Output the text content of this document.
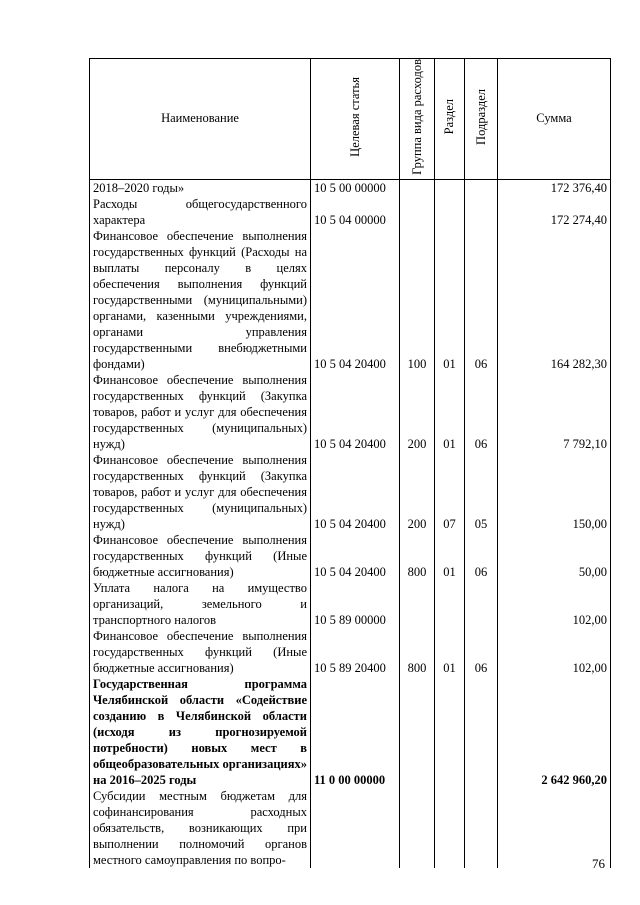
Наименование	Целевая статья	Группа вида расходов	Раздел	Подраздел	Сумма
2018–2020 годы»	10 5 00 00000				172 376,40
Расходы общегосударственного характера	10 5 04 00000				172 274,40
Финансовое обеспечение выполнения государственных функций (Расходы на выплаты персоналу в целях обеспечения выполнения функций государственными (муниципальными) органами, казенными учреждениями, органами управления государственными внебюджетными фондами)	10 5 04 20400	100	01	06	164 282,30
Финансовое обеспечение выполнения государственных функций (Закупка товаров, работ и услуг для обеспечения государственных (муниципальных) нужд)	10 5 04 20400	200	01	06	7 792,10
Финансовое обеспечение выполнения государственных функций (Закупка товаров, работ и услуг для обеспечения государственных (муниципальных) нужд)	10 5 04 20400	200	07	05	150,00
Финансовое обеспечение выполнения государственных функций (Иные бюджетные ассигнования)	10 5 04 20400	800	01	06	50,00
Уплата налога на имущество организаций, земельного и транспортного налогов	10 5 89 00000				102,00
Финансовое обеспечение выполнения государственных функций (Иные бюджетные ассигнования)	10 5 89 20400	800	01	06	102,00
Государственная программа Челябинской области «Содействие созданию в Челябинской области (исходя из прогнозируемой потребности) новых мест в общеобразовательных организациях» на 2016–2025 годы	11 0 00 00000				2 642 960,20
Субсидии местным бюджетам для софинансирования расходных обязательств, возникающих при выполнении полномочий органов местного самоуправления по вопро-						76
